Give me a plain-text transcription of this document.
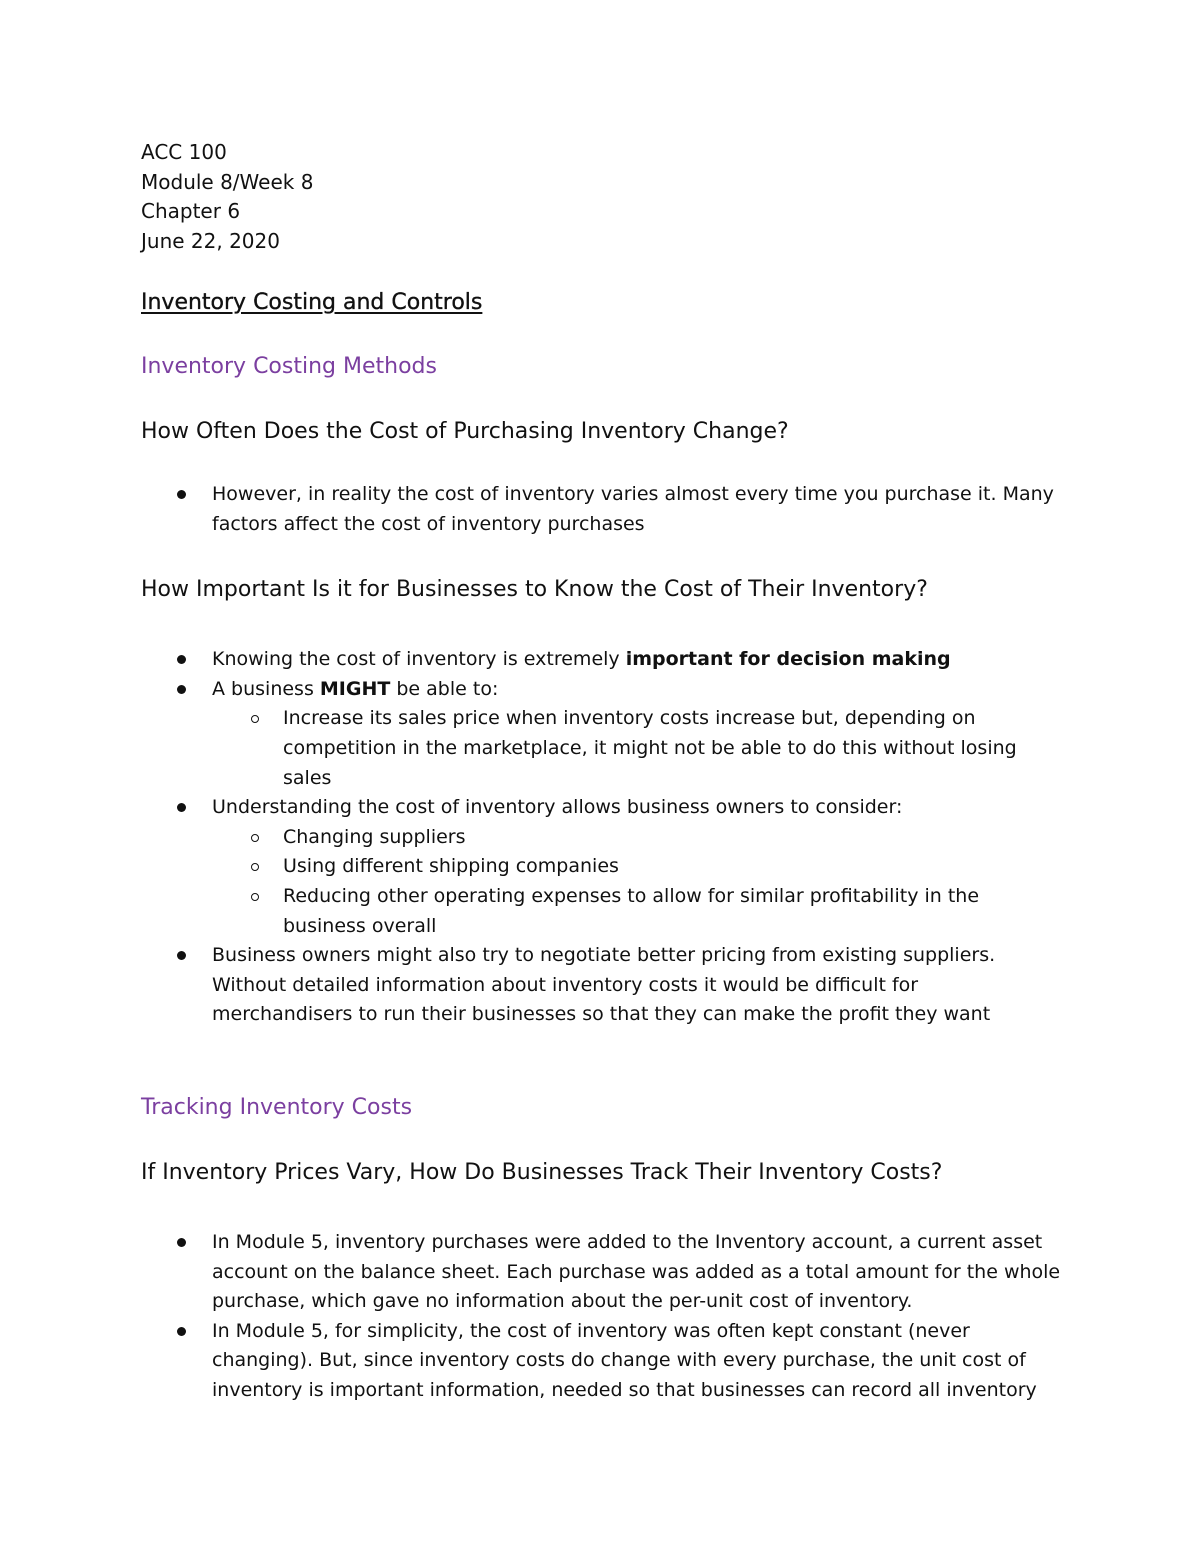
ACC 100

Module 8/Week 8

Chapter 6

June 22, 2020

Inventory Costing and Controls
Inventory Costing Methods
How Often Does the Cost of Purchasing Inventory Change?
However, in reality the cost of inventory varies almost every time you purchase it. Many factors affect the cost of inventory purchases
How Important Is it for Businesses to Know the Cost of Their Inventory?
Knowing the cost of inventory is extremely important for decision making
A business MIGHT be able to:
Increase its sales price when inventory costs increase but, depending on competition in the marketplace, it might not be able to do this without losing sales
Understanding the cost of inventory allows business owners to consider:
Changing suppliers
Using different shipping companies
Reducing other operating expenses to allow for similar profitability in the business overall
Business owners might also try to negotiate better pricing from existing suppliers. Without detailed information about inventory costs it would be difficult for merchandisers to run their businesses so that they can make the profit they want
Tracking Inventory Costs
If Inventory Prices Vary, How Do Businesses Track Their Inventory Costs?
In Module 5, inventory purchases were added to the Inventory account, a current asset account on the balance sheet. Each purchase was added as a total amount for the whole purchase, which gave no information about the per-unit cost of inventory.
In Module 5, for simplicity, the cost of inventory was often kept constant (never changing). But, since inventory costs do change with every purchase, the unit cost of inventory is important information, needed so that businesses can record all inventory
